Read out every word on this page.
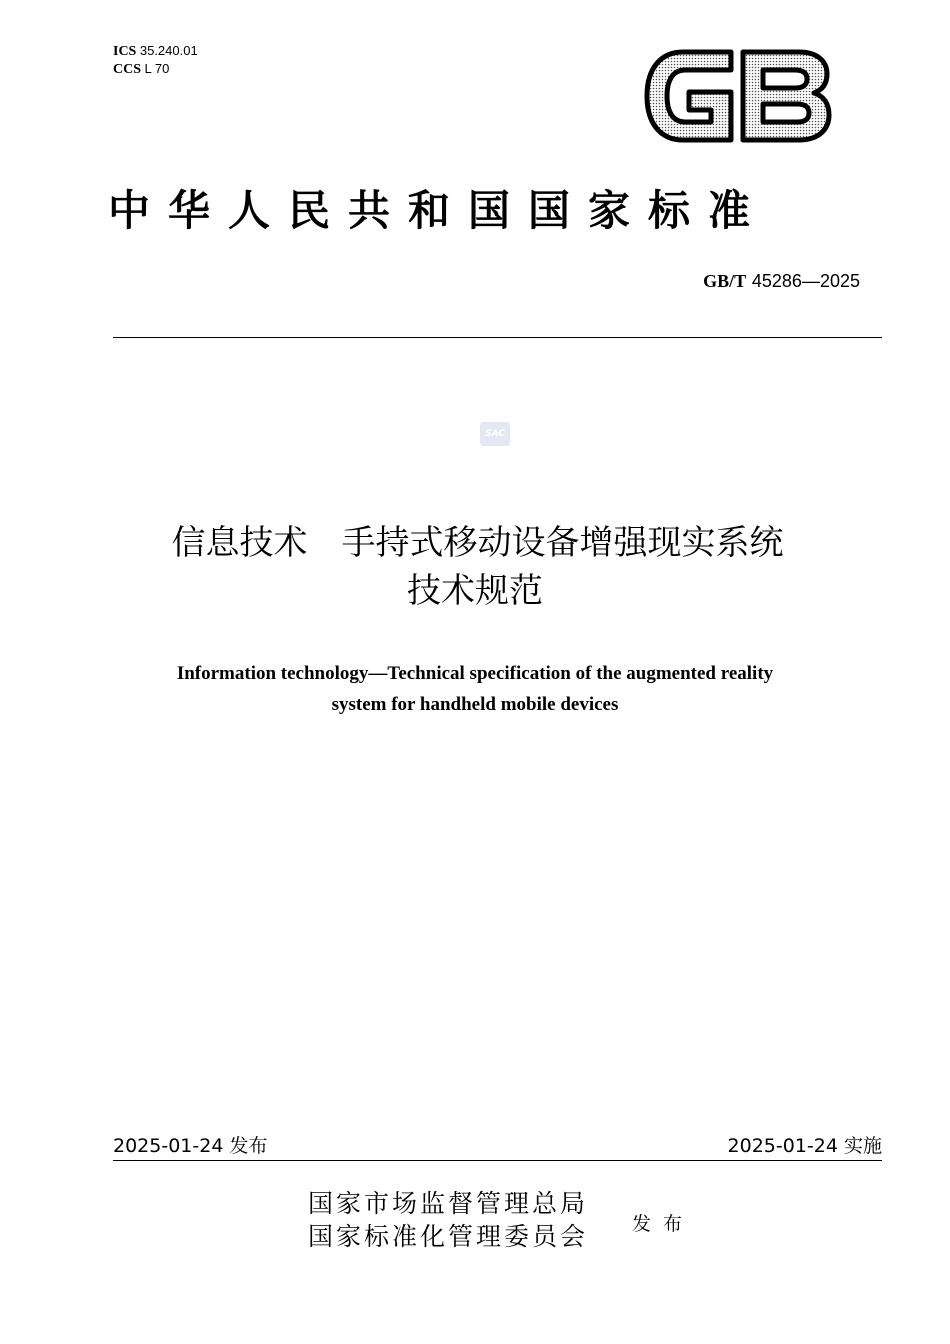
ICS 35.240.01
CCS L 70
中华人民共和国国家标准
GB/T 45286—2025
SAC
信息技术　手持式移动设备增强现实系统
技术规范
Information technology—Technical specification of the augmented reality
system for handheld mobile devices
2025-01-24 发布	2025-01-24 实施
国家市场监督管理总局
国家标准化管理委员会 发布
